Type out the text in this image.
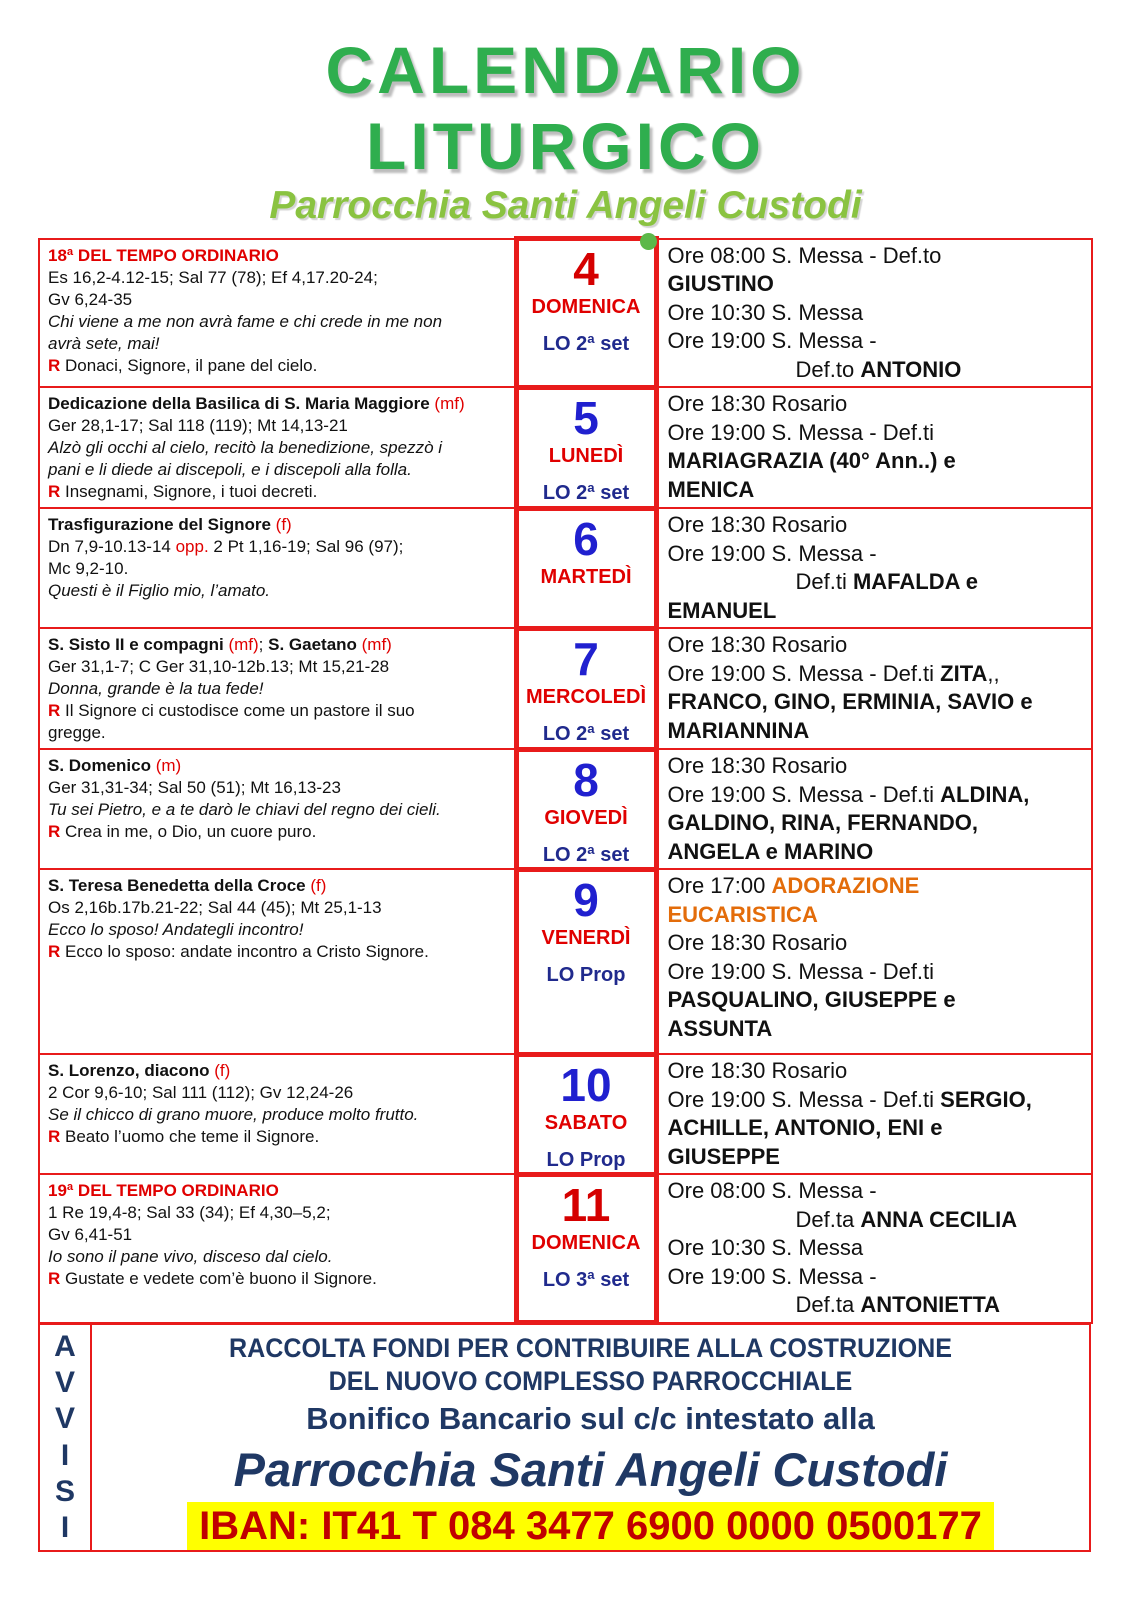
CALENDARIO
LITURGICO
Parrocchia Santi Angeli Custodi
18ª DEL TEMPO ORDINARIO
Es 16,2-4.12-15; Sal 77 (78); Ef 4,17.20-24;
Gv 6,24-35
Chi viene a me non avrà fame e chi crede in me non
avrà sete, mai!
R Donaci, Signore, il pane del cielo.

4
DOMENICA
LO 2ª set

Ore 08:00 S. Messa - Def.to
GIUSTINO
Ore 10:30 S. Messa
Ore 19:00 S. Messa -
Def.to ANTONIO

Dedicazione della Basilica di S. Maria Maggiore (mf)
Ger 28,1-17; Sal 118 (119); Mt 14,13-21
Alzò gli occhi al cielo, recitò la benedizione, spezzò i
pani e li diede ai discepoli, e i discepoli alla folla.
R Insegnami, Signore, i tuoi decreti.

5
LUNEDÌ
LO 2ª set

Ore 18:30 Rosario
Ore 19:00 S. Messa - Def.ti
MARIAGRAZIA (40° Ann..) e
MENICA

Trasfigurazione del Signore (f)
Dn 7,9-10.13-14 opp. 2 Pt 1,16-19; Sal 96 (97);
Mc 9,2-10.
Questi è il Figlio mio, l’amato.

6
MARTEDÌ

Ore 18:30 Rosario
Ore 19:00 S. Messa -
Def.ti MAFALDA e
EMANUEL

S. Sisto II e compagni (mf); S. Gaetano (mf)
Ger 31,1-7; C Ger 31,10-12b.13; Mt 15,21-28
Donna, grande è la tua fede!
R Il Signore ci custodisce come un pastore il suo
gregge.

7
MERCOLEDÌ
LO 2ª set

Ore 18:30 Rosario
Ore 19:00 S. Messa - Def.ti ZITA,,
FRANCO, GINO, ERMINIA, SAVIO e
MARIANNINA

S. Domenico (m)
Ger 31,31-34; Sal 50 (51); Mt 16,13-23
Tu sei Pietro, e a te darò le chiavi del regno dei cieli.
R Crea in me, o Dio, un cuore puro.

8
GIOVEDÌ
LO 2ª set

Ore 18:30 Rosario
Ore 19:00 S. Messa - Def.ti ALDINA,
GALDINO, RINA, FERNANDO,
ANGELA e MARINO

S. Teresa Benedetta della Croce (f)
Os 2,16b.17b.21-22; Sal 44 (45); Mt 25,1-13
Ecco lo sposo! Andategli incontro!
R Ecco lo sposo: andate incontro a Cristo Signore.

9
VENERDÌ
LO Prop

Ore 17:00 ADORAZIONE
EUCARISTICA
Ore 18:30 Rosario
Ore 19:00 S. Messa - Def.ti
PASQUALINO, GIUSEPPE e
ASSUNTA

S. Lorenzo, diacono (f)
2 Cor 9,6-10; Sal 111 (112); Gv 12,24-26
Se il chicco di grano muore, produce molto frutto.
R Beato l’uomo che teme il Signore.

10
SABATO
LO Prop

Ore 18:30 Rosario
Ore 19:00 S. Messa - Def.ti SERGIO,
ACHILLE, ANTONIO, ENI e
GIUSEPPE

19ª DEL TEMPO ORDINARIO
1 Re 19,4-8; Sal 33 (34); Ef 4,30–5,2;
Gv 6,41-51
Io sono il pane vivo, disceso dal cielo.
R Gustate e vedete com’è buono il Signore.

11
DOMENICA
LO 3ª set

Ore 08:00 S. Messa -
Def.ta ANNA CECILIA
Ore 10:30 S. Messa
Ore 19:00 S. Messa -
Def.ta ANTONIETTA
A
V
V
I
S
I
RACCOLTA FONDI PER CONTRIBUIRE ALLA COSTRUZIONE
DEL NUOVO COMPLESSO PARROCCHIALE
Bonifico Bancario sul c/c intestato alla
Parrocchia Santi Angeli Custodi
IBAN: IT41 T 084 3477 6900 0000 0500177
